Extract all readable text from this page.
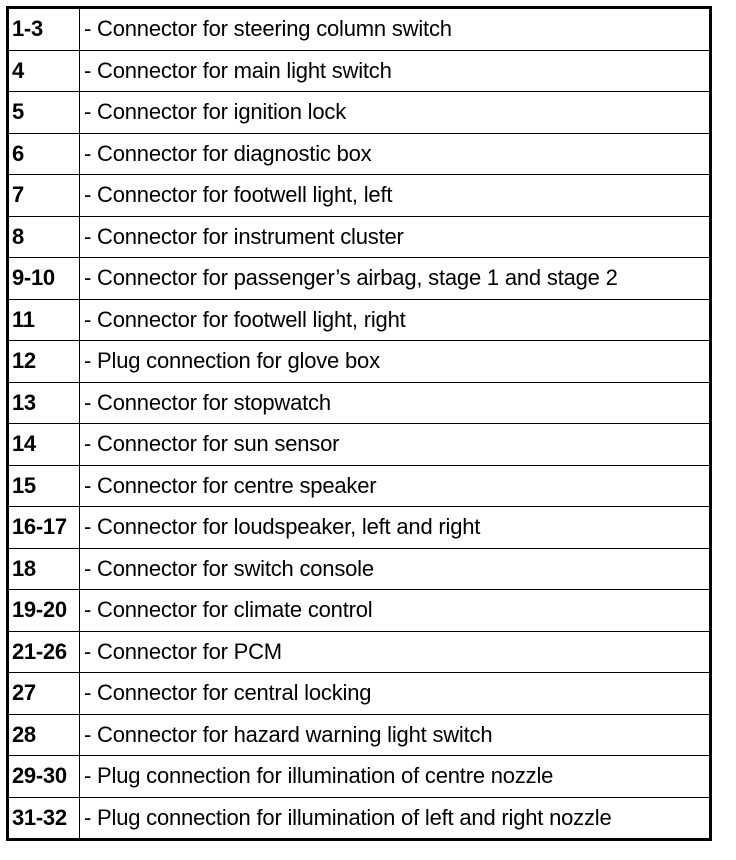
1-3	- Connector for steering column switch
4	- Connector for main light switch
5	- Connector for ignition lock
6	- Connector for diagnostic box
7	- Connector for footwell light, left
8	- Connector for instrument cluster
9-10	- Connector for passenger’s airbag, stage 1 and stage 2
11	- Connector for footwell light, right
12	- Plug connection for glove box
13	- Connector for stopwatch
14	- Connector for sun sensor
15	- Connector for centre speaker
16-17	- Connector for loudspeaker, left and right
18	- Connector for switch console
19-20	- Connector for climate control
21-26	- Connector for PCM
27	- Connector for central locking
28	- Connector for hazard warning light switch
29-30	- Plug connection for illumination of centre nozzle
31-32	- Plug connection for illumination of left and right nozzle
